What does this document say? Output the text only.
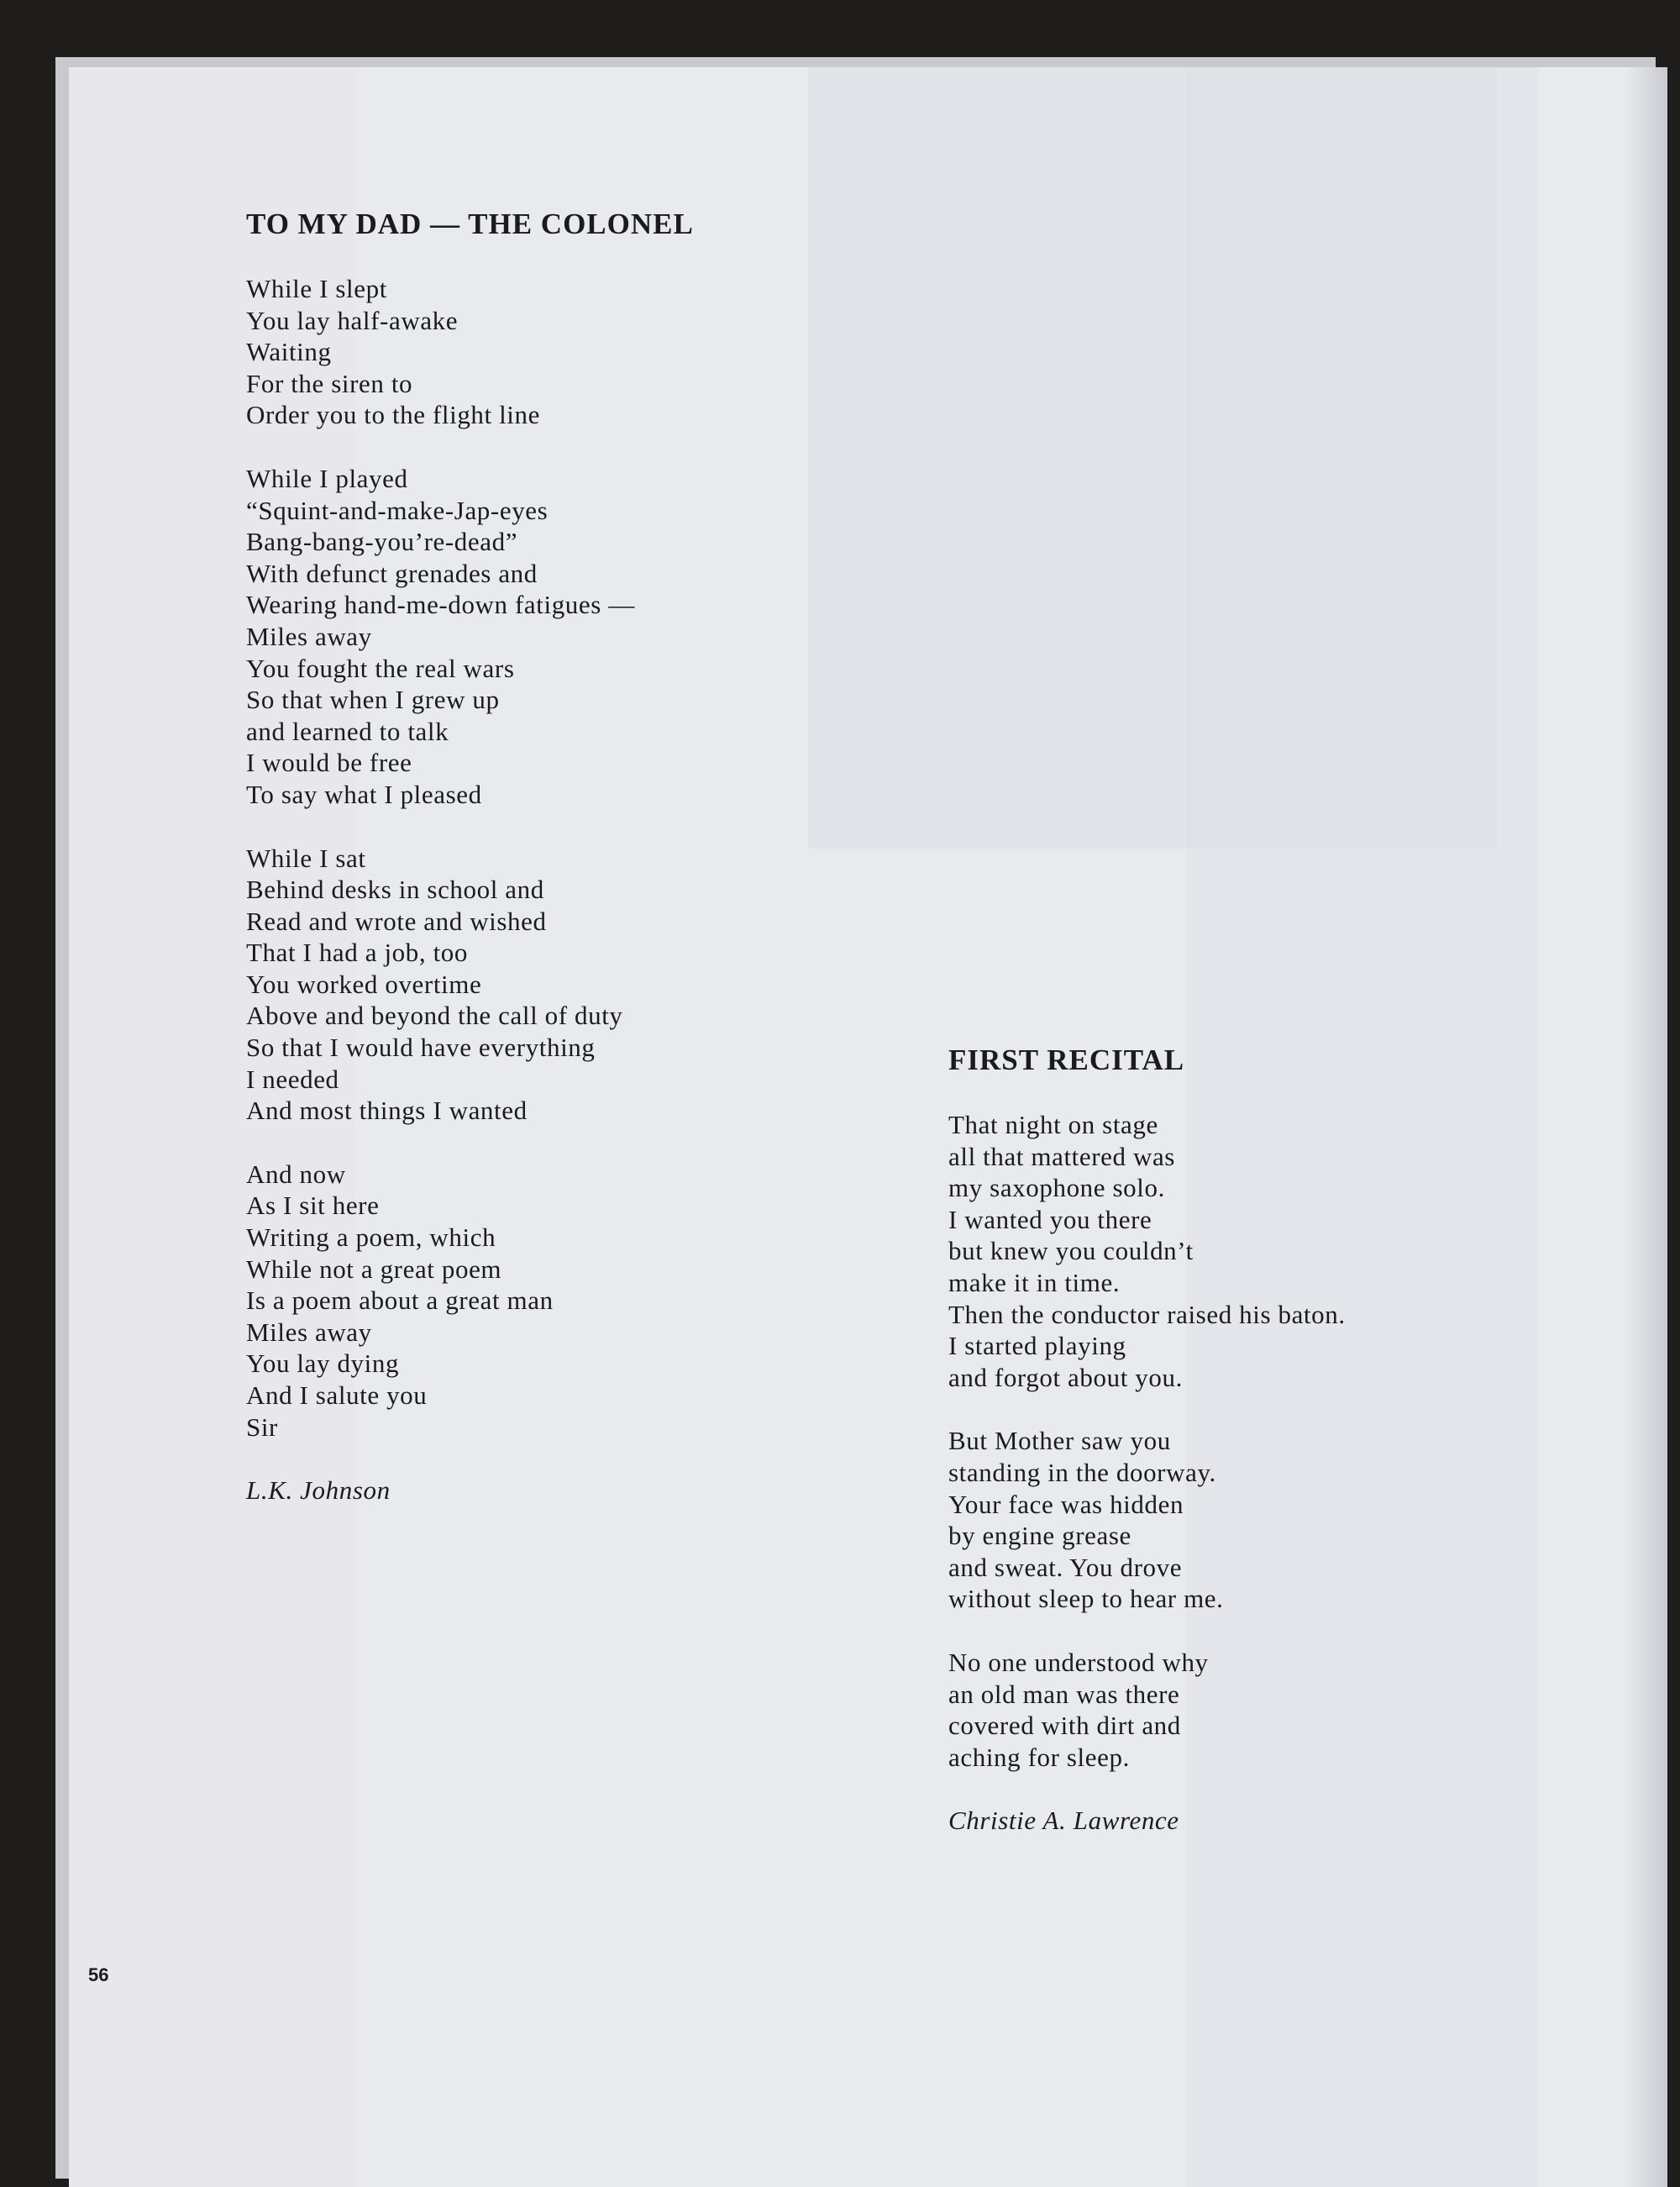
TO MY DAD — THE COLONEL
While I slept
You lay half-awake
Waiting
For the siren to
Order you to the flight line
While I played
“Squint-and-make-Jap-eyes
Bang-bang-you’re-dead”
With defunct grenades and
Wearing hand-me-down fatigues —
Miles away
You fought the real wars
So that when I grew up
and learned to talk
I would be free
To say what I pleased
While I sat
Behind desks in school and
Read and wrote and wished
That I had a job, too
You worked overtime
Above and beyond the call of duty
So that I would have everything
I needed
And most things I wanted
And now
As I sit here
Writing a poem, which
While not a great poem
Is a poem about a great man
Miles away
You lay dying
And I salute you
Sir
L.K. Johnson
FIRST RECITAL
That night on stage
all that mattered was
my saxophone solo.
I wanted you there
but knew you couldn’t
make it in time.
Then the conductor raised his baton.
I started playing
and forgot about you.
But Mother saw you
standing in the doorway.
Your face was hidden
by engine grease
and sweat. You drove
without sleep to hear me.
No one understood why
an old man was there
covered with dirt and
aching for sleep.
Christie A. Lawrence
56
